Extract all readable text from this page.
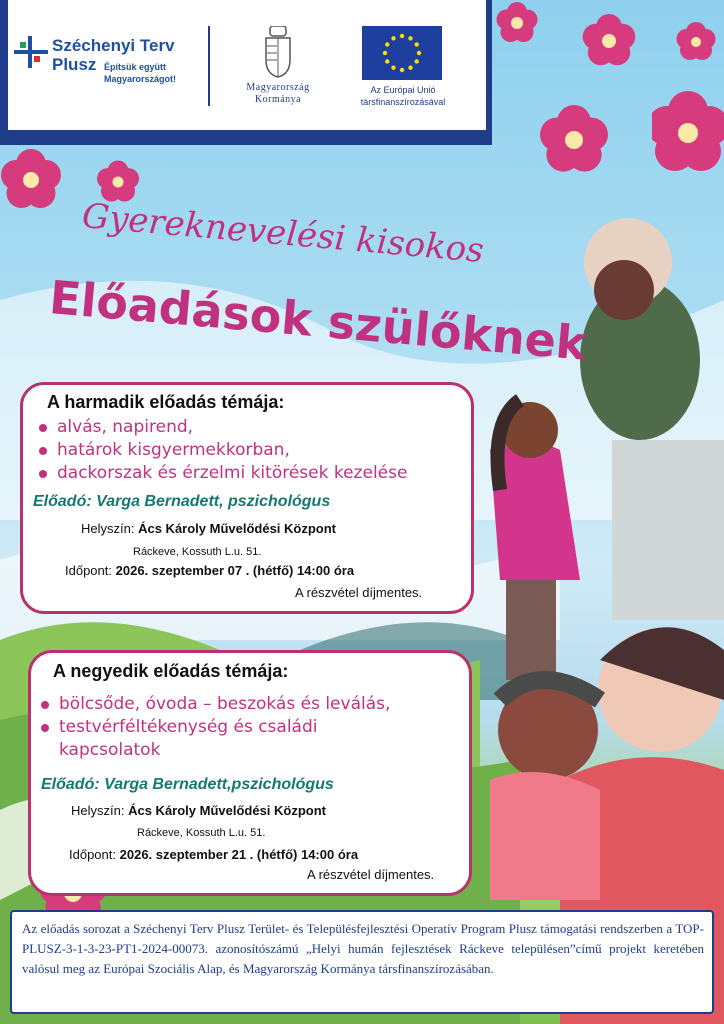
Széchenyi Terv
Plusz Építsük együtt
Magyarországot!
Magyarország
Kormánya
Az Európai Unió
társfinanszírozásával
Gyereknevelési kisokos
Előadások szülőknek
A harmadik előadás témája:
alvás, napirend,
határok kisgyermekkorban,
dackorszak és érzelmi kitörések kezelése
Előadó: Varga Bernadett, pszichológus
Helyszín: Ács Károly Művelődési Központ
Ráckeve, Kossuth L.u. 51.
Időpont: 2026. szeptember 07 . (hétfő) 14:00 óra
A részvétel díjmentes.
A negyedik előadás témája:
bölcsőde, óvoda – beszokás és leválás,
testvérféltékenység és családi
kapcsolatok
Előadó: Varga Bernadett,pszichológus
Helyszín: Ács Károly Művelődési Központ
Ráckeve, Kossuth L.u. 51.
Időpont: 2026. szeptember 21 . (hétfő) 14:00 óra
A részvétel díjmentes.
Az előadás sorozat a Széchenyi Terv Plusz Terület- és Településfejlesztési Operatív Program Plusz támogatási rendszerben a TOP-PLUSZ-3-1-3-23-PT1-2024-00073. azonosítószámú „Helyi humán fejlesztések Ráckeve településen”című projekt keretében valósul meg az Európai Szociális Alap, és Magyarország Kormánya társfinanszírozásában.
